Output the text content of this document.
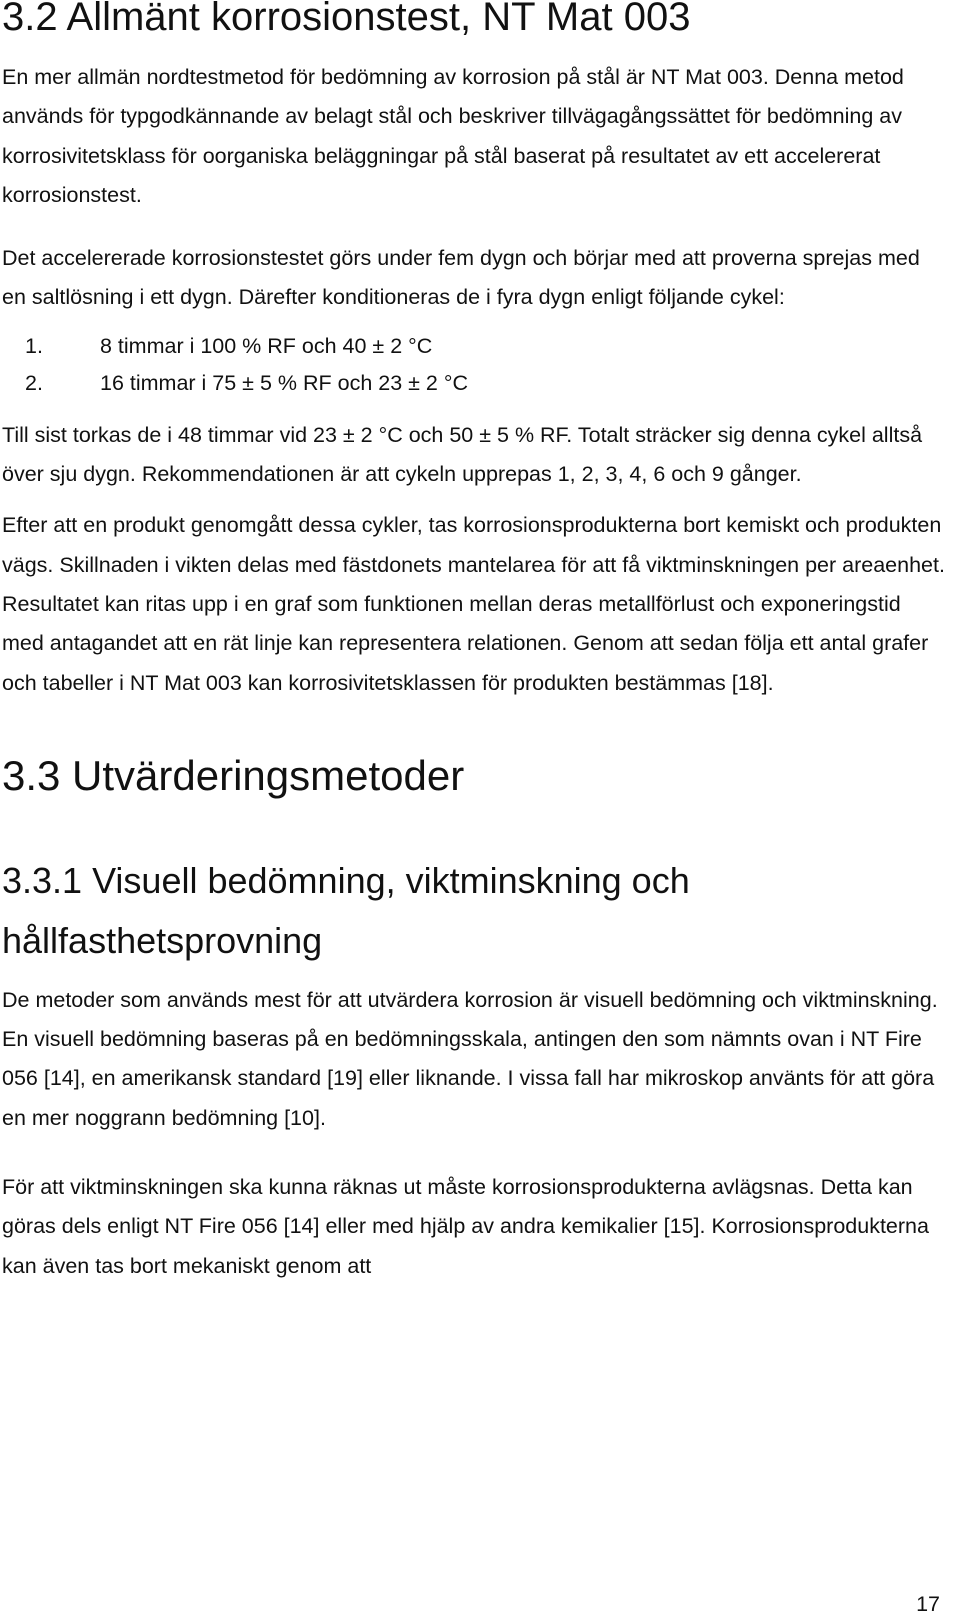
3.2 Allmänt korrosionstest, NT Mat 003

En mer allmän nordtestmetod för bedömning av korrosion på stål är NT Mat 003. Denna metod används för typgodkännande av belagt stål och beskriver tillvägagångssättet för bedömning av korrosivitetsklass för oorganiska beläggningar på stål baserat på resultatet av ett accelererat korrosionstest.

Det accelererade korrosionstestet görs under fem dygn och börjar med att proverna sprejas med en saltlösning i ett dygn. Därefter konditioneras de i fyra dygn enligt följande cykel:

1.	8 timmar i 100 % RF och 40 ± 2 °C
2.	16 timmar i 75 ± 5 % RF och 23 ± 2 °C

Till sist torkas de i 48 timmar vid 23 ± 2 °C och 50 ± 5 % RF. Totalt sträcker sig denna cykel alltså över sju dygn. Rekommendationen är att cykeln upprepas 1, 2, 3, 4, 6 och 9 gånger.

Efter att en produkt genomgått dessa cykler, tas korrosionsprodukterna bort kemiskt och produkten vägs. Skillnaden i vikten delas med fästdonets mantelarea för att få viktminskningen per areaenhet. Resultatet kan ritas upp i en graf som funktionen mellan deras metallförlust och exponeringstid med antagandet att en rät linje kan representera relationen. Genom att sedan följa ett antal grafer och tabeller i NT Mat 003 kan korrosivitetsklassen för produkten bestämmas [18].

3.3 Utvärderingsmetoder
3.3.1 Visuell bedömning, viktminskning och hållfasthetsprovning

De metoder som används mest för att utvärdera korrosion är visuell bedömning och viktminskning. En visuell bedömning baseras på en bedömningsskala, antingen den som nämnts ovan i NT Fire 056 [14], en amerikansk standard [19] eller liknande. I vissa fall har mikroskop använts för att göra en mer noggrann bedömning [10].

För att viktminskningen ska kunna räknas ut måste korrosionsprodukterna avlägsnas. Detta kan göras dels enligt NT Fire 056 [14] eller med hjälp av andra kemikalier [15]. Korrosionsprodukterna kan även tas bort mekaniskt genom att

17
